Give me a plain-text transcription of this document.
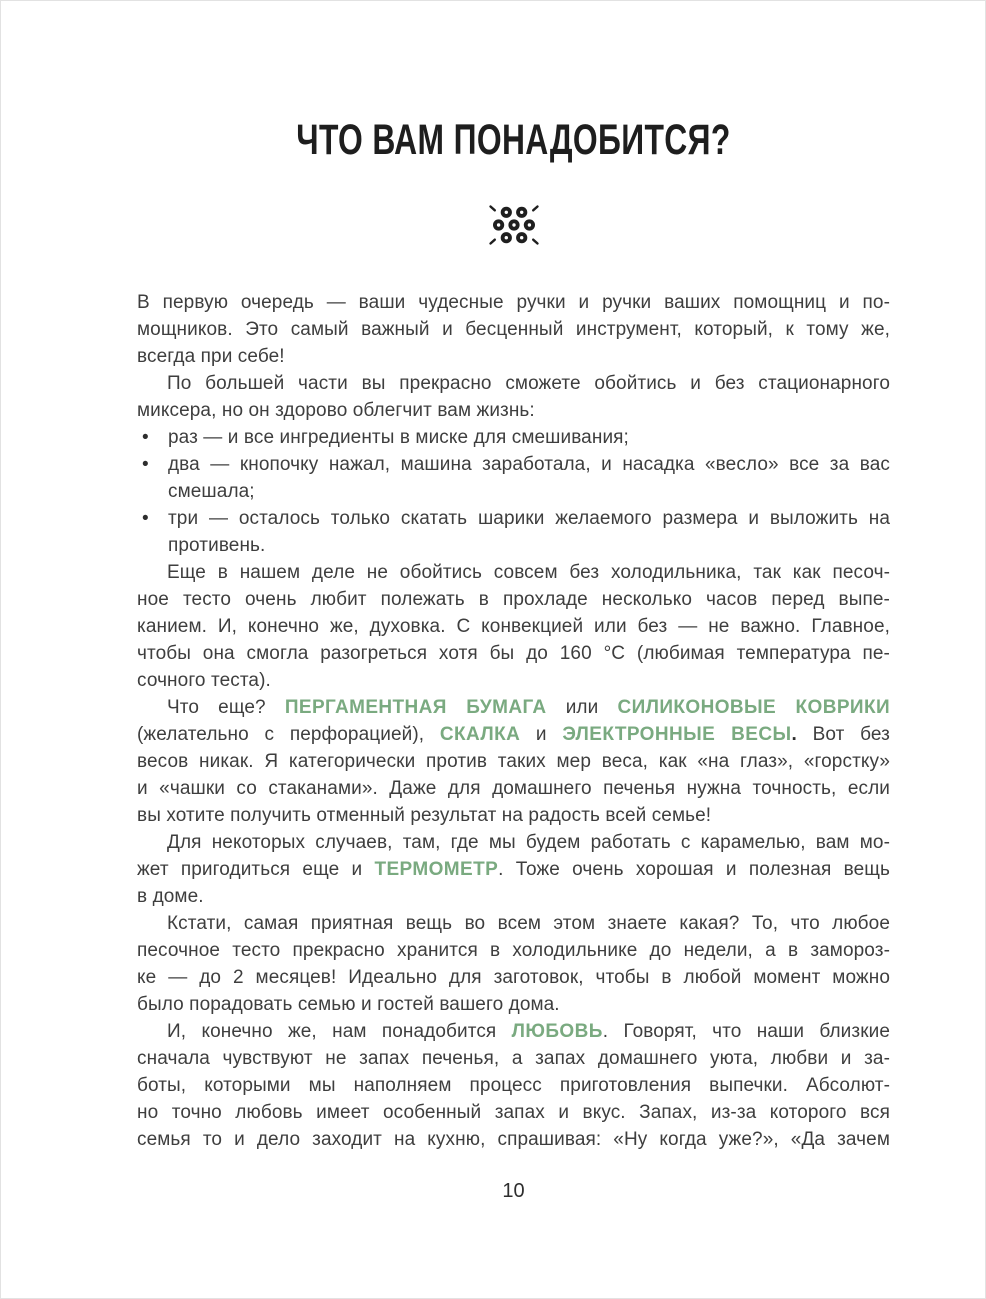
ЧТО ВАМ ПОНАДОБИТСЯ?
В первую очередь — ваши чудесные ручки и ручки ваших помощниц и по-
мощников. Это самый важный и бесценный инструмент, который, к тому же,
всегда при себе!
По большей части вы прекрасно сможете обойтись и без стационарного
миксера, но он здорово облегчит вам жизнь:
• раз — и все ингредиенты в миске для смешивания;
• два — кнопочку нажал, машина заработала, и насадка «весло» все за вас
смешала;
• три — осталось только скатать шарики желаемого размера и выложить на
противень.
Еще в нашем деле не обойтись совсем без холодильника, так как песоч-
ное тесто очень любит полежать в прохладе несколько часов перед выпе-
канием. И, конечно же, духовка. С конвекцией или без — не важно. Главное,
чтобы она смогла разогреться хотя бы до 160 °C (любимая температура пе-
сочного теста).
Что еще? ПЕРГАМЕНТНАЯ БУМАГА или СИЛИКОНОВЫЕ КОВРИКИ
(желательно с перфорацией), СКАЛКА и ЭЛЕКТРОННЫЕ ВЕСЫ. Вот без
весов никак. Я категорически против таких мер веса, как «на глаз», «горстку»
и «чашки со стаканами». Даже для домашнего печенья нужна точность, если
вы хотите получить отменный результат на радость всей семье!
Для некоторых случаев, там, где мы будем работать с карамелью, вам мо-
жет пригодиться еще и ТЕРМОМЕТР. Тоже очень хорошая и полезная вещь
в доме.
Кстати, самая приятная вещь во всем этом знаете какая? То, что любое
песочное тесто прекрасно хранится в холодильнике до недели, а в замороз-
ке — до 2 месяцев! Идеально для заготовок, чтобы в любой момент можно
было порадовать семью и гостей вашего дома.
И, конечно же, нам понадобится ЛЮБОВЬ. Говорят, что наши близкие
сначала чувствуют не запах печенья, а запах домашнего уюта, любви и за-
боты, которыми мы наполняем процесс приготовления выпечки. Абсолют-
но точно любовь имеет особенный запах и вкус. Запах, из-за которого вся
семья то и дело заходит на кухню, спрашивая: «Ну когда уже?», «Да зачем
10
